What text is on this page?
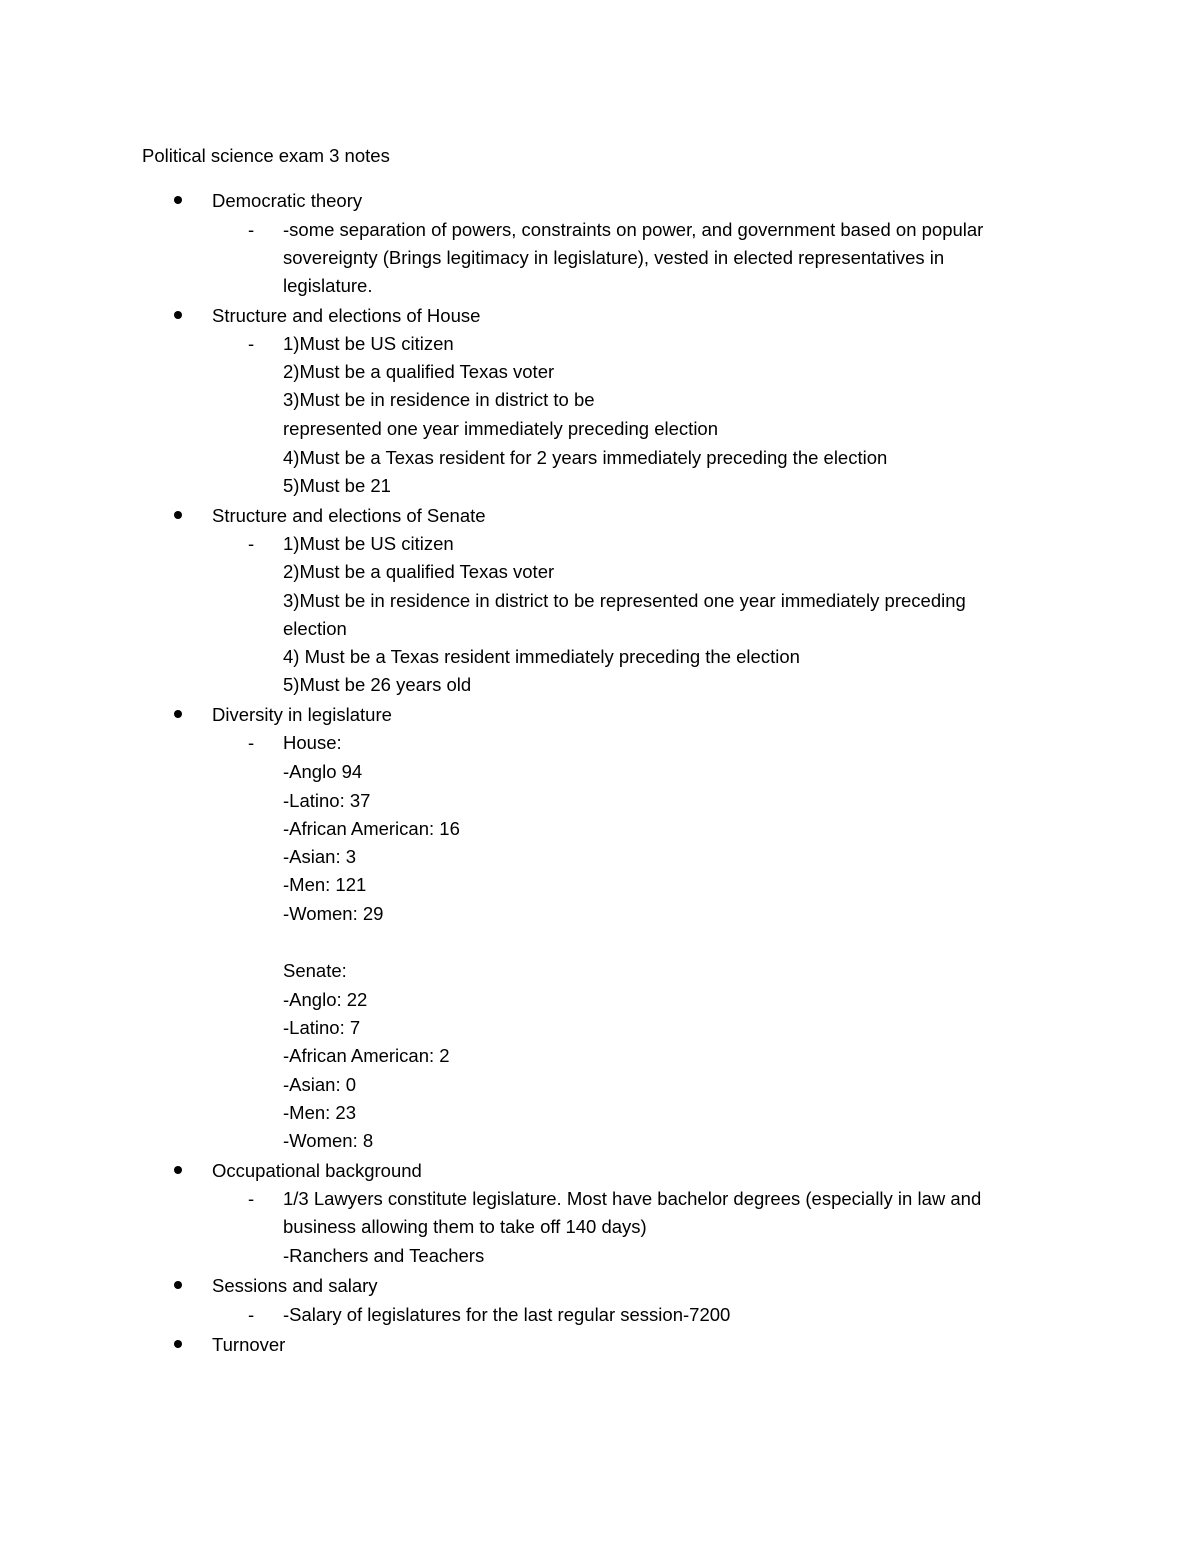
Political science exam 3 notes
Democratic theory
- -some separation of powers, constraints on power, and government based on popular
sovereignty (Brings legitimacy in legislature), vested in elected representatives in
legislature.
Structure and elections of House
- 1)Must be US citizen
2)Must be a qualified Texas voter
3)Must be in residence in district to be
represented one year immediately preceding election
4)Must be a Texas resident for 2 years immediately preceding the election
5)Must be 21
Structure and elections of Senate
- 1)Must be US citizen
2)Must be a qualified Texas voter
3)Must be in residence in district to be represented one year immediately preceding
election
4) Must be a Texas resident immediately preceding the election
5)Must be 26 years old
Diversity in legislature
- House:
-Anglo 94
-Latino: 37
-African American: 16
-Asian: 3
-Men: 121
-Women: 29
Senate:
-Anglo: 22
-Latino: 7
-African American: 2
-Asian: 0
-Men: 23
-Women: 8
Occupational background
- 1/3 Lawyers constitute legislature. Most have bachelor degrees (especially in law and
business allowing them to take off 140 days)
-Ranchers and Teachers
Sessions and salary
- -Salary of legislatures for the last regular session-7200
Turnover
